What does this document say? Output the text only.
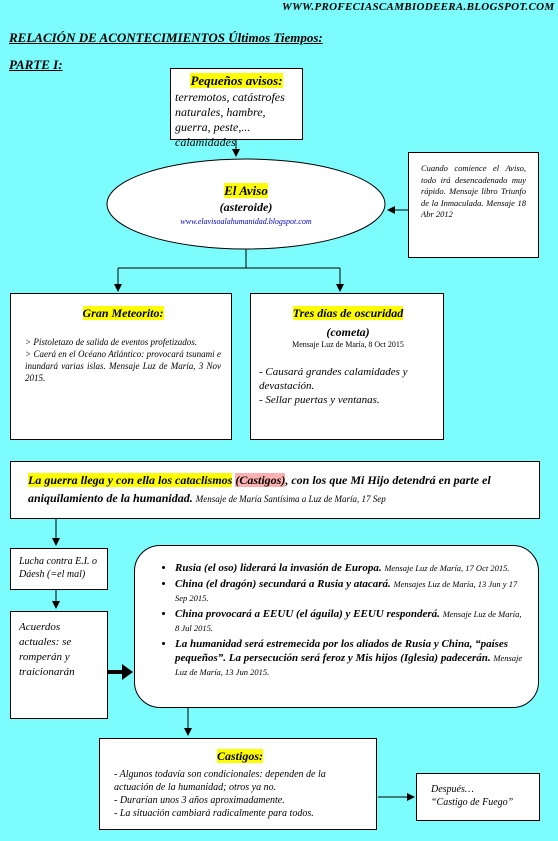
WWW.PROFECIASCAMBIODEERA.BLOGSPOT.COM
RELACIÓN DE ACONTECIMIENTOS Últimos Tiempos:
PARTE I:
Pequeños avisos:
terremotos, catástrofes naturales, hambre, guerra, peste,... calamidades
El Aviso
(asteroide)
www.elavisoalahumanidad.blogspot.com
Cuando comience el Aviso, todo irá desencadenado muy rápido. Mensaje libro Triunfo de la Inmaculada. Mensaje 18 Abr 2012
Gran Meteorito:
> Pistoletazo de salida de eventos profetizados.
> Caerá en el Océano Atlántico: provocará tsunami e inundará varias islas. Mensaje Luz de María, 3 Nov 2015.
Tres días de oscuridad
(cometa)
Mensaje Luz de María, 8 Oct 2015
- Causará grandes calamidades y devastación.
- Sellar puertas y ventanas.
La guerra llega y con ella los cataclismos (Castigos), con los que Mi Hijo detendrá en parte el aniquilamiento de la humanidad. Mensaje de María Santísima a Luz de María, 17 Sep
Lucha contra E.I. o Dáesh (=el mal)
Acuerdos actuales: se romperán y traicionarán
• Rusia (el oso) liderará la invasión de Europa. Mensaje Luz de María, 17 Oct 2015.
• China (el dragón) secundará a Rusia y atacará. Mensajes Luz de María, 13 Jun y 17 Sep 2015.
• China provocará a EEUU (el águila) y EEUU responderá. Mensaje Luz de María, 8 Jul 2015.
• La humanidad será estremecida por los aliados de Rusia y China, “países pequeños”. La persecución será feroz y Mis hijos (Iglesia) padecerán. Mensaje Luz de María, 13 Jun 2015.
Castigos:
- Algunos todavía son condicionales: dependen de la actuación de la humanidad; otros ya no.
- Durarían unos 3 años aproximadamente.
- La situación cambiará radicalmente para todos.
Después…
“Castigo de Fuego”
